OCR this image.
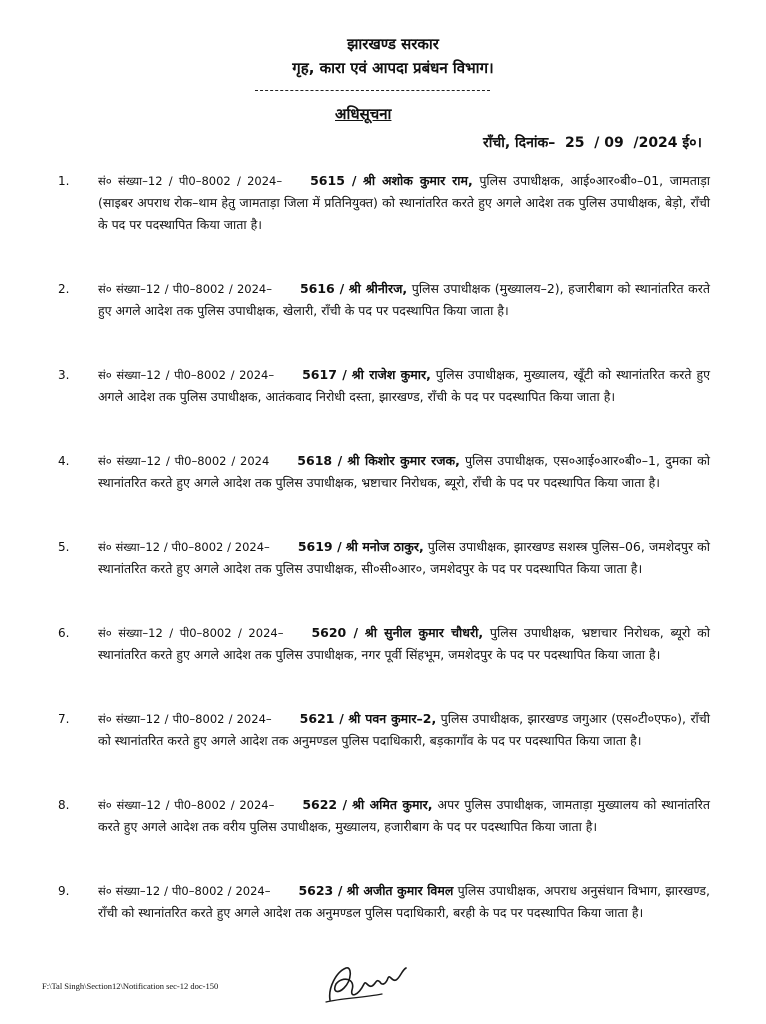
झारखण्ड सरकार
गृह, कारा एवं आपदा प्रबंधन विभाग।
अधिसूचना
राँची, दिनांक–  25  / 09  /2024 ई०।
1. सं० संख्या–12 / पी0–8002 / 2024– 5615 / श्री अशोक कुमार राम, पुलिस उपाधीक्षक, आई०आर०बी०–01, जामताड़ा (साइबर अपराध रोक–थाम हेतु जामताड़ा जिला में प्रतिनियुक्त) को स्थानांतरित करते हुए अगले आदेश तक पुलिस उपाधीक्षक, बेड़ो, राँची के पद पर पदस्थापित किया जाता है।
2. सं० संख्या–12 / पी0–8002 / 2024– 5616 / श्री श्रीनीरज, पुलिस उपाधीक्षक (मुख्यालय–2), हजारीबाग को स्थानांतरित करते हुए अगले आदेश तक पुलिस उपाधीक्षक, खेलारी, राँची के पद पर पदस्थापित किया जाता है।
3. सं० संख्या–12 / पी0–8002 / 2024– 5617 / श्री राजेश कुमार, पुलिस उपाधीक्षक, मुख्यालय, खूँटी को स्थानांतरित करते हुए अगले आदेश तक पुलिस उपाधीक्षक, आतंकवाद निरोधी दस्ता, झारखण्ड, राँची के पद पर पदस्थापित किया जाता है।
4. सं० संख्या–12 / पी0–8002 / 2024 5618 / श्री किशोर कुमार रजक, पुलिस उपाधीक्षक, एस०आई०आर०बी०–1, दुमका को स्थानांतरित करते हुए अगले आदेश तक पुलिस उपाधीक्षक, भ्रष्टाचार निरोधक, ब्यूरो, राँची के पद पर पदस्थापित किया जाता है।
5. सं० संख्या–12 / पी0–8002 / 2024– 5619 / श्री मनोज ठाकुर, पुलिस उपाधीक्षक, झारखण्ड सशस्त्र पुलिस–06, जमशेदपुर को स्थानांतरित करते हुए अगले आदेश तक पुलिस उपाधीक्षक, सी०सी०आर०, जमशेदपुर के पद पर पदस्थापित किया जाता है।
6. सं० संख्या–12 / पी0–8002 / 2024– 5620 / श्री सुनील कुमार चौधरी, पुलिस उपाधीक्षक, भ्रष्टाचार निरोधक, ब्यूरो को स्थानांतरित करते हुए अगले आदेश तक पुलिस उपाधीक्षक, नगर पूर्वी सिंहभूम, जमशेदपुर के पद पर पदस्थापित किया जाता है।
7. सं० संख्या–12 / पी0–8002 / 2024– 5621 / श्री पवन कुमार–2, पुलिस उपाधीक्षक, झारखण्ड जगुआर (एस०टी०एफ०), राँची को स्थानांतरित करते हुए अगले आदेश तक अनुमण्डल पुलिस पदाधिकारी, बड़कागाँव के पद पर पदस्थापित किया जाता है।
8. सं० संख्या–12 / पी0–8002 / 2024– 5622 / श्री अमित कुमार, अपर पुलिस उपाधीक्षक, जामताड़ा मुख्यालय को स्थानांतरित करते हुए अगले आदेश तक वरीय पुलिस उपाधीक्षक, मुख्यालय, हजारीबाग के पद पर पदस्थापित किया जाता है।
9. सं० संख्या–12 / पी0–8002 / 2024– 5623 / श्री अजीत कुमार विमल पुलिस उपाधीक्षक, अपराध अनुसंधान विभाग, झारखण्ड, राँची को स्थानांतरित करते हुए अगले आदेश तक अनुमण्डल पुलिस पदाधिकारी, बरही के पद पर पदस्थापित किया जाता है।
F:\Tal Singh\Section12\Notification sec-12 doc-150
